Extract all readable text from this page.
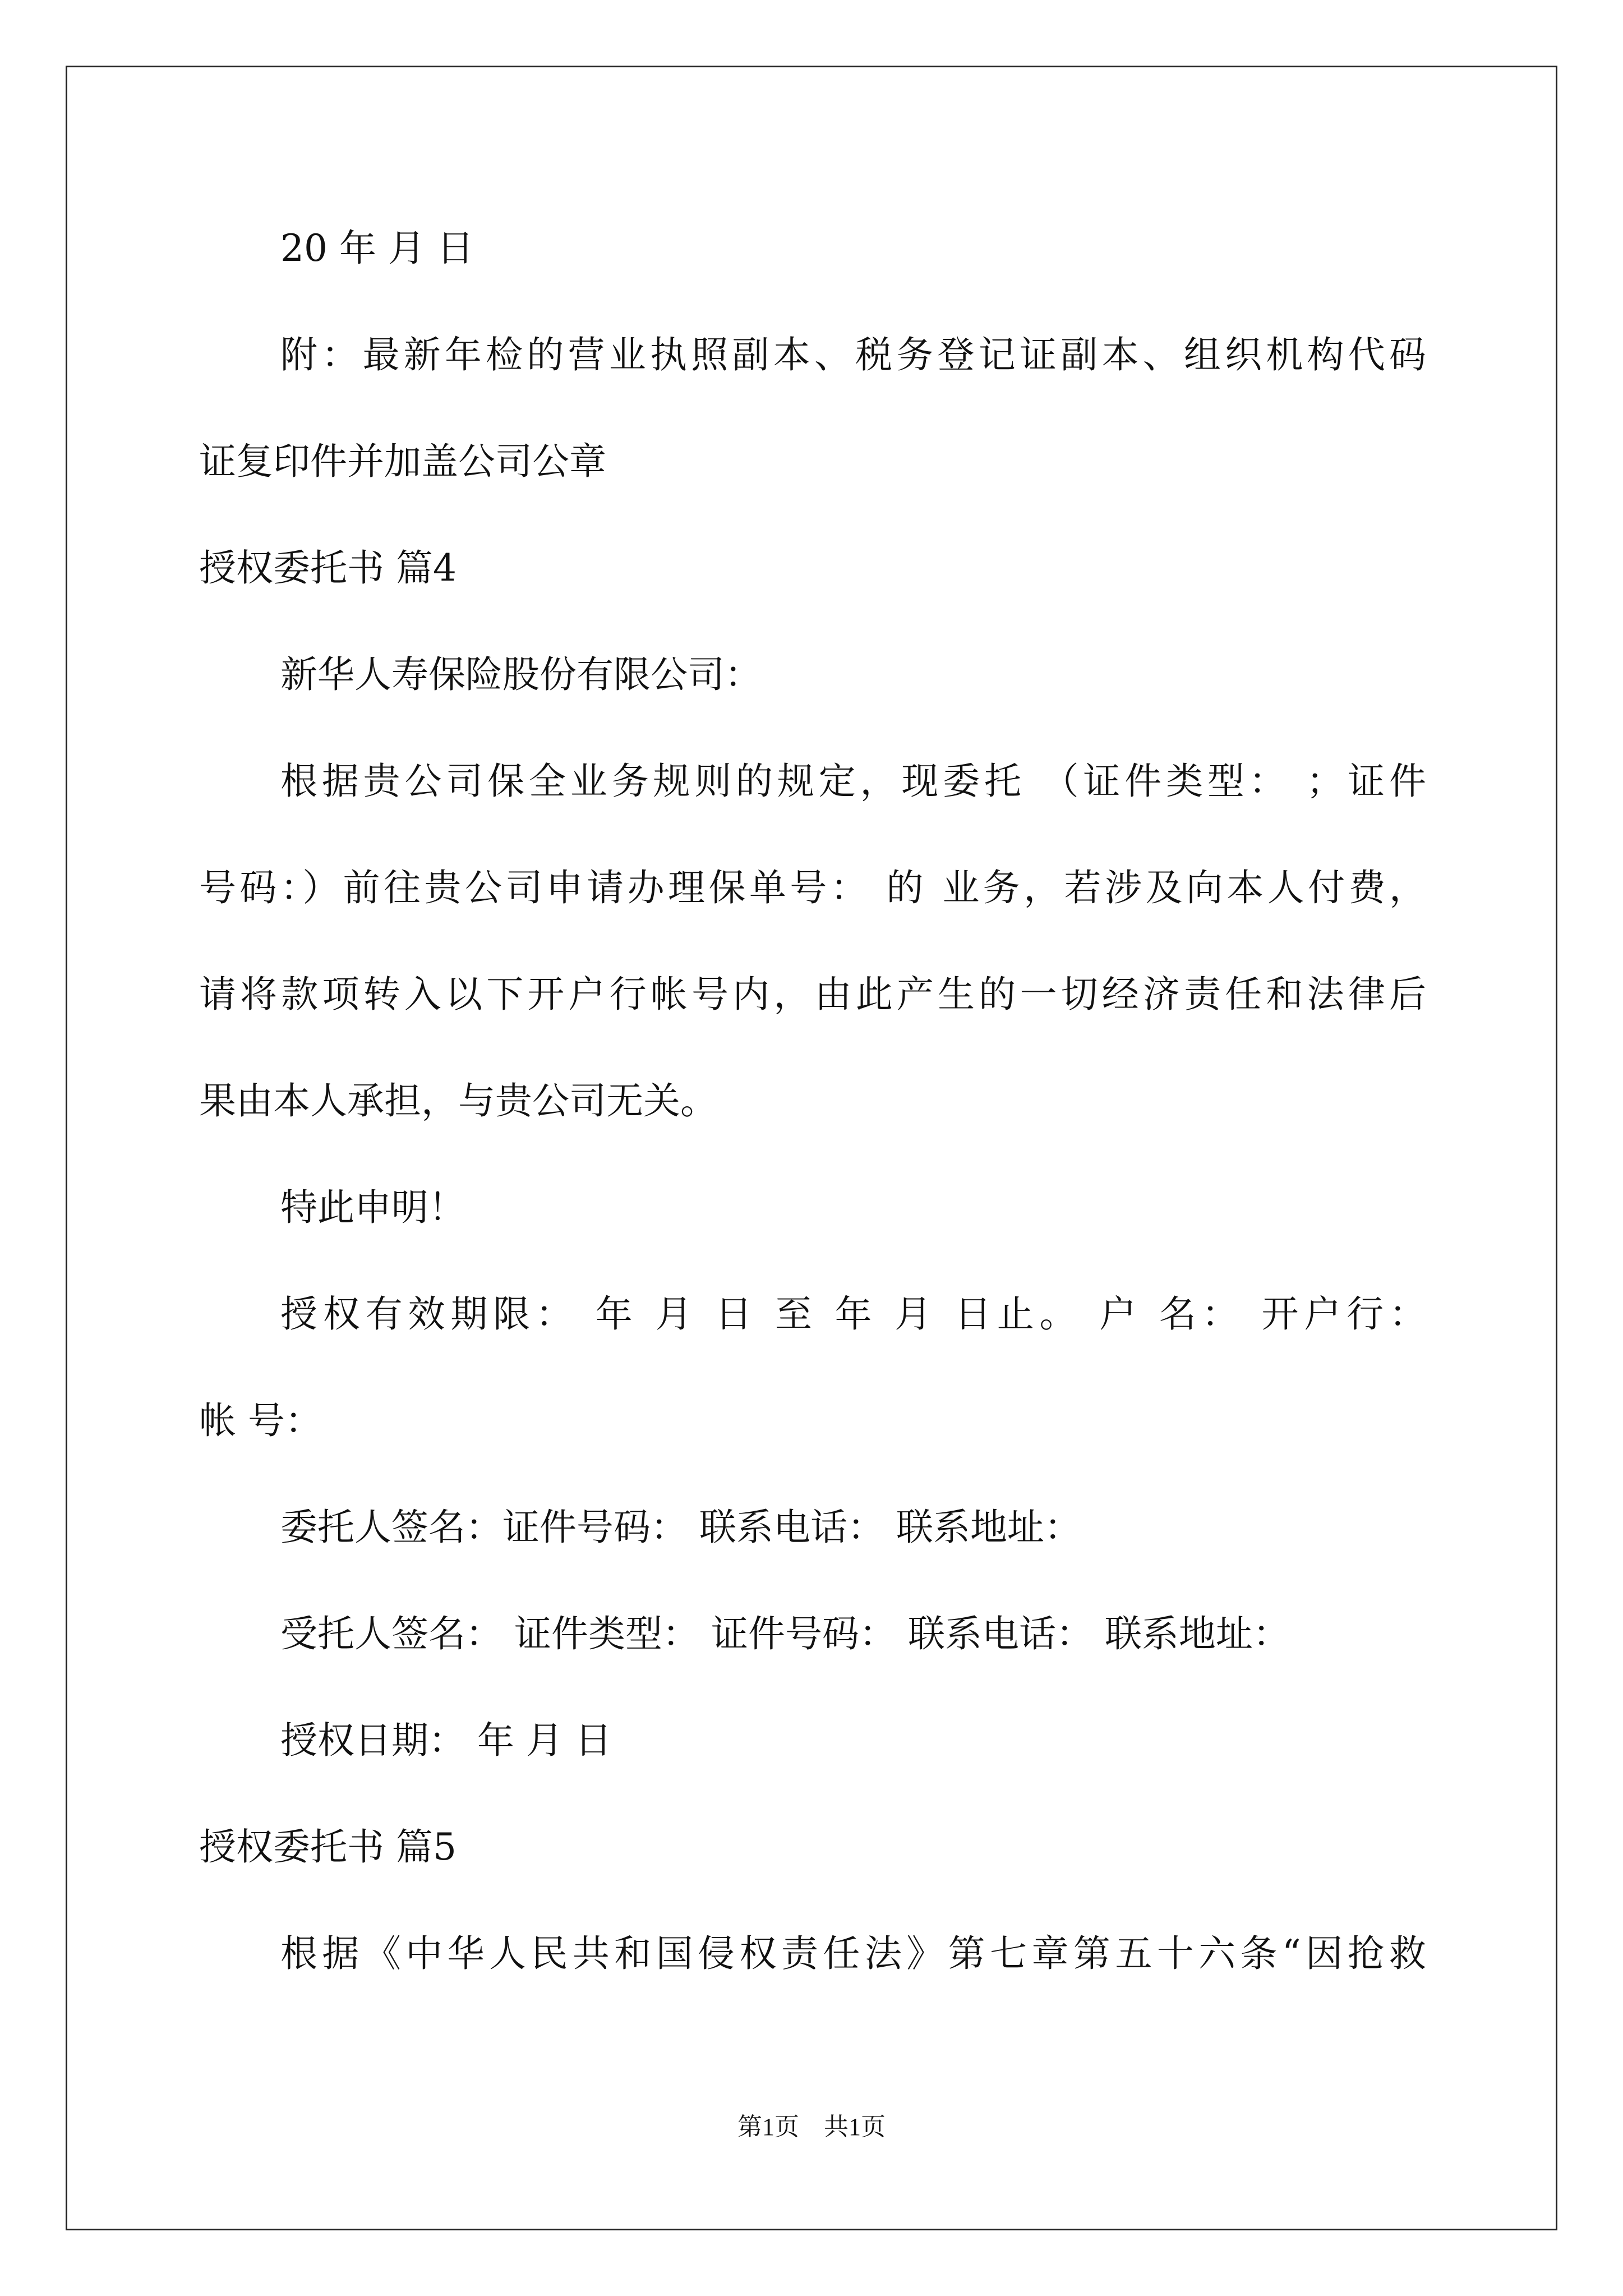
20 年 月 日

附：最新年检的营业执照副本、税务登记证副本、组织机构代码

证复印件并加盖公司公章

授权委托书 篇4

新华人寿保险股份有限公司：

根据贵公司保全业务规则的规定，现委托 （证件类型： ；证件

号码：）前往贵公司申请办理保单号： 的 业务，若涉及向本人付费，

请将款项转入以下开户行帐号内，由此产生的一切经济责任和法律后

果由本人承担，与贵公司无关。

特此申明！

授权有效期限： 年 月 日 至 年 月 日止。 户 名： 开户行：

帐 号：

委托人签名：证件号码： 联系电话： 联系地址：

受托人签名： 证件类型： 证件号码： 联系电话： 联系地址：

授权日期： 年 月 日

授权委托书 篇5

根据《中华人民共和国侵权责任法》第七章第五十六条“因抢救

第1页　共1页
